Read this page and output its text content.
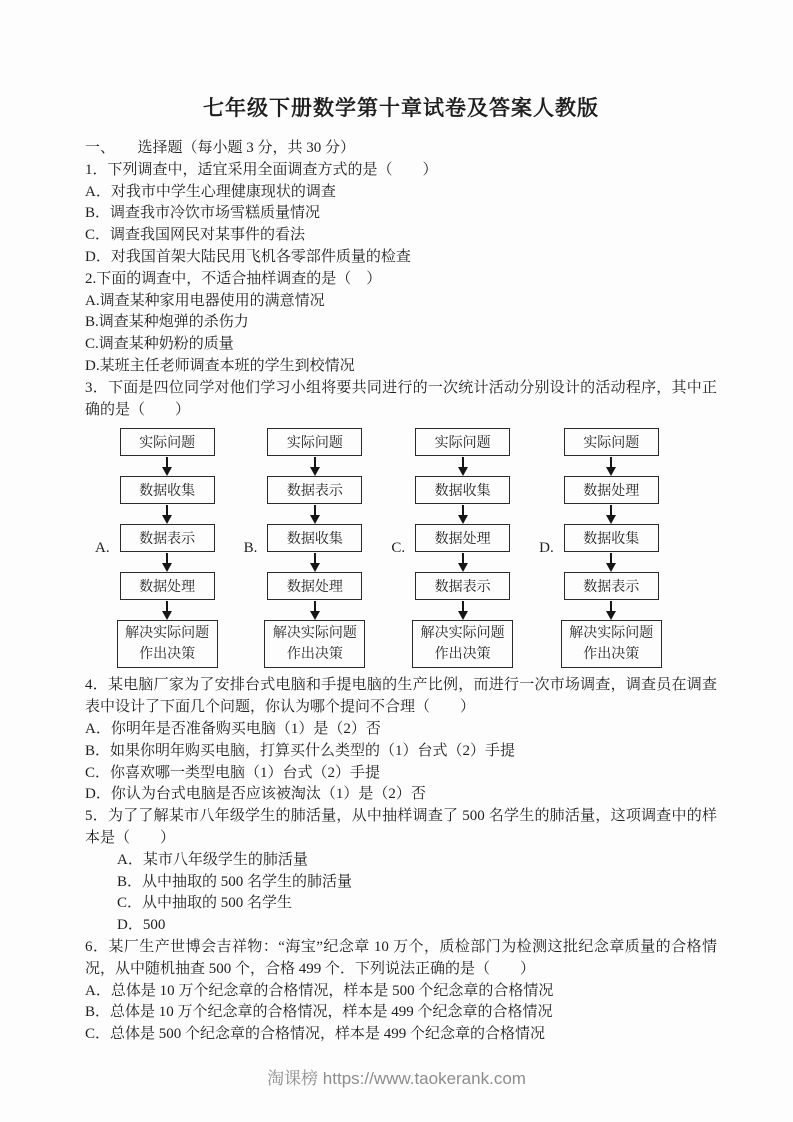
七年级下册数学第十章试卷及答案人教版

一、　　选择题（每小题 3 分，共 30 分）

1．下列调查中，适宜采用全面调查方式的是（　　）

A．对我市中学生心理健康现状的调查

B．调查我市冷饮市场雪糕质量情况

C．调查我国网民对某事件的看法

D．对我国首架大陆民用飞机各零部件质量的检查

2.下面的调查中，不适合抽样调查的是（　）

A.调查某种家用电器使用的满意情况

B.调查某种炮弹的杀伤力

C.调查某种奶粉的质量

D.某班主任老师调查本班的学生到校情况

3．下面是四位同学对他们学习小组将要共同进行的一次统计活动分别设计的活动程序，其中正确的是（　　）

A.
实际问题
数据收集
数据表示
数据处理
解决实际问题
作出决策
B.
实际问题
数据表示
数据收集
数据处理
解决实际问题
作出决策
C.
实际问题
数据收集
数据处理
数据表示
解决实际问题
作出决策
D.
实际问题
数据处理
数据收集
数据表示
解决实际问题
作出决策

4．某电脑厂家为了安排台式电脑和手提电脑的生产比例，而进行一次市场调查，调查员在调查表中设计了下面几个问题，你认为哪个提问不合理（　　）

A．你明年是否准备购买电脑（1）是（2）否

B．如果你明年购买电脑，打算买什么类型的（1）台式（2）手提

C．你喜欢哪一类型电脑（1）台式（2）手提

D．你认为台式电脑是否应该被淘汰（1）是（2）否

5．为了了解某市八年级学生的肺活量，从中抽样调查了 500 名学生的肺活量，这项调查中的样本是（　　）

A．某市八年级学生的肺活量

B．从中抽取的 500 名学生的肺活量

C．从中抽取的 500 名学生

D．500

6．某厂生产世博会吉祥物：“海宝”纪念章 10 万个，质检部门为检测这批纪念章质量的合格情况，从中随机抽查 500 个，合格 499 个．下列说法正确的是（　　）

A．总体是 10 万个纪念章的合格情况，样本是 500 个纪念章的合格情况

B．总体是 10 万个纪念章的合格情况，样本是 499 个纪念章的合格情况

C．总体是 500 个纪念章的合格情况，样本是 499 个纪念章的合格情况

淘课榜 https://www.taokerank.com
